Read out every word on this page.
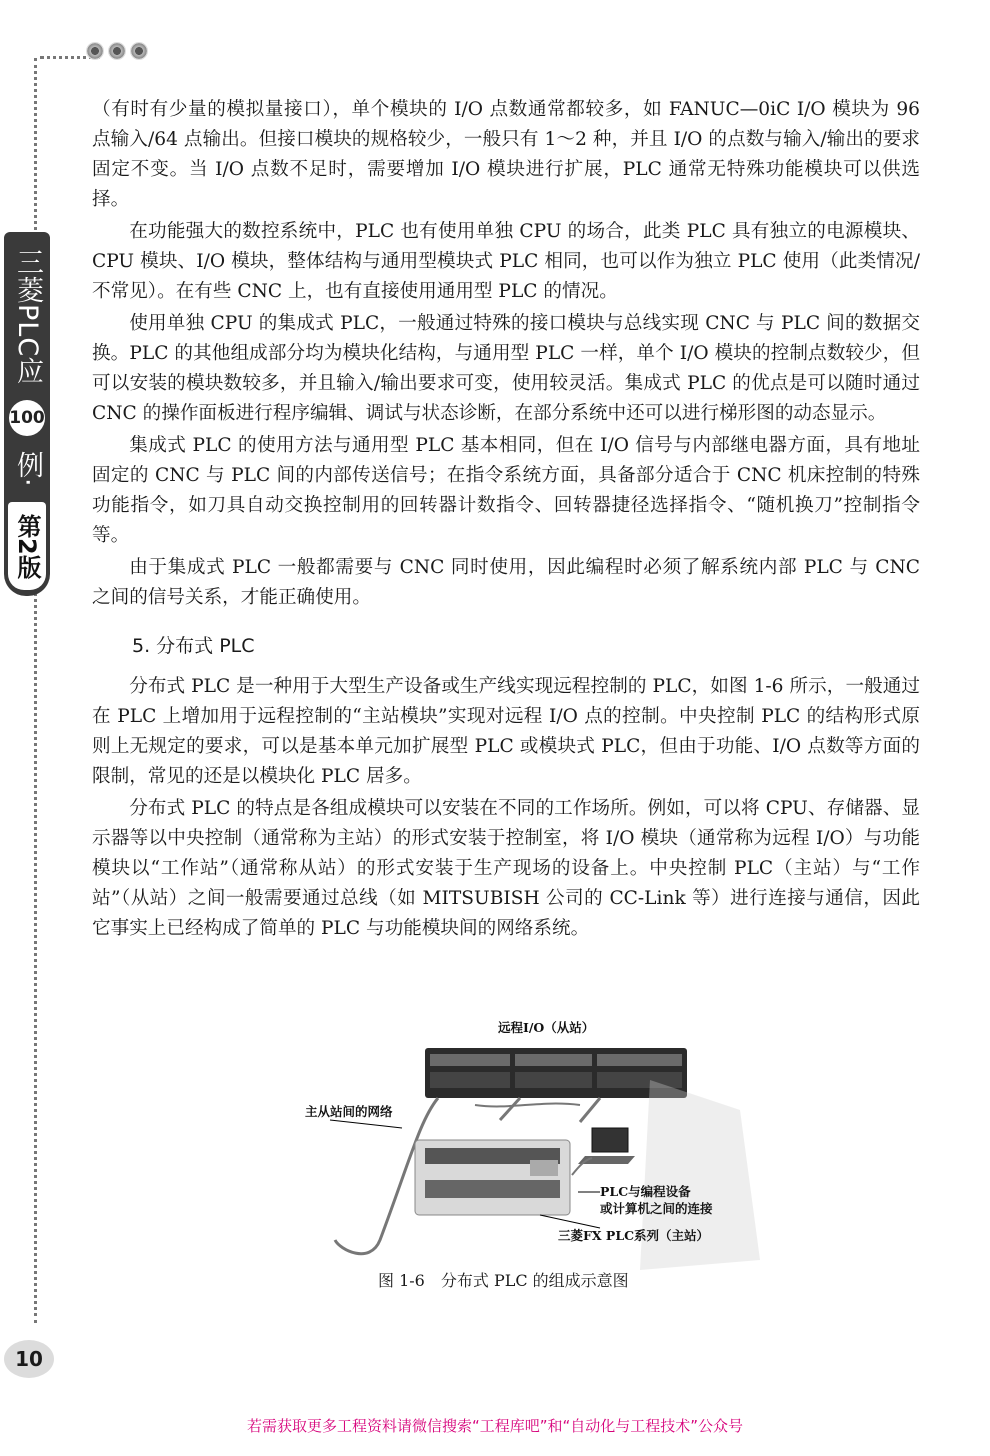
三菱PLC应
100
例·
第2版
10

（有时有少量的模拟量接口），单个模块的 I/O 点数通常都较多，如 FANUC—0iC I/O 模块为 96 点输入/64 点输出。但接口模块的规格较少，一般只有 1～2 种，并且 I/O 的点数与输入/输出的要求固定不变。当 I/O 点数不足时，需要增加 I/O 模块进行扩展，PLC 通常无特殊功能模块可以供选择。

在功能强大的数控系统中，PLC 也有使用单独 CPU 的场合，此类 PLC 具有独立的电源模块、CPU 模块、I/O 模块，整体结构与通用型模块式 PLC 相同，也可以作为独立 PLC 使用（此类情况/不常见）。在有些 CNC 上，也有直接使用通用型 PLC 的情况。

使用单独 CPU 的集成式 PLC，一般通过特殊的接口模块与总线实现 CNC 与 PLC 间的数据交换。PLC 的其他组成部分均为模块化结构，与通用型 PLC 一样，单个 I/O 模块的控制点数较少，但可以安装的模块数较多，并且输入/输出要求可变，使用较灵活。集成式 PLC 的优点是可以随时通过 CNC 的操作面板进行程序编辑、调试与状态诊断，在部分系统中还可以进行梯形图的动态显示。

集成式 PLC 的使用方法与通用型 PLC 基本相同，但在 I/O 信号与内部继电器方面，具有地址固定的 CNC 与 PLC 间的内部传送信号；在指令系统方面，具备部分适合于 CNC 机床控制的特殊功能指令，如刀具自动交换控制用的回转器计数指令、回转器捷径选择指令、“随机换刀”控制指令等。

由于集成式 PLC 一般都需要与 CNC 同时使用，因此编程时必须了解系统内部 PLC 与 CNC 之间的信号关系，才能正确使用。

5. 分布式 PLC

分布式 PLC 是一种用于大型生产设备或生产线实现远程控制的 PLC，如图 1-6 所示，一般通过在 PLC 上增加用于远程控制的“主站模块”实现对远程 I/O 点的控制。中央控制 PLC 的结构形式原则上无规定的要求，可以是基本单元加扩展型 PLC 或模块式 PLC，但由于功能、I/O 点数等方面的限制，常见的还是以模块化 PLC 居多。

分布式 PLC 的特点是各组成模块可以安装在不同的工作场所。例如，可以将 CPU、存储器、显示器等以中央控制（通常称为主站）的形式安装于控制室，将 I/O 模块（通常称为远程 I/O）与功能模块以“工作站”（通常称从站）的形式安装于生产现场的设备上。中央控制 PLC（主站）与“工作站”（从站）之间一般需要通过总线（如 MITSUBISH 公司的 CC-Link 等）进行连接与通信，因此它事实上已经构成了简单的 PLC 与功能模块间的网络系统。

远程I/O（从站）
主从站间的网络
PLC与编程设备
或计算机之间的连接
三菱FX PLC系列（主站）
图 1-6　分布式 PLC 的组成示意图
若需获取更多工程资料请微信搜索“工程库吧”和“自动化与工程技术”公众号
